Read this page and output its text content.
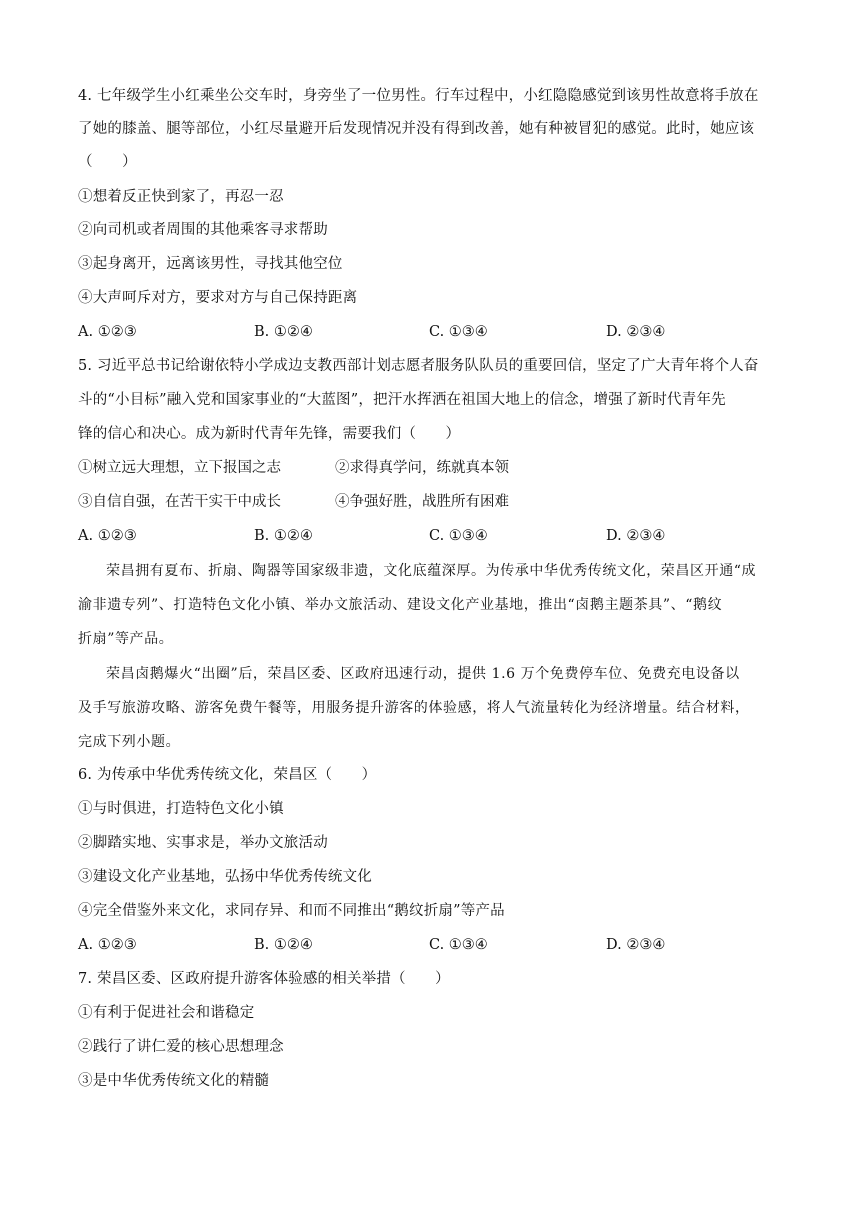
4. 七年级学生小红乘坐公交车时，身旁坐了一位男性。行车过程中，小红隐隐感觉到该男性故意将手放在
了她的膝盖、腿等部位，小红尽量避开后发现情况并没有得到改善，她有种被冒犯的感觉。此时，她应该
（　　）
①想着反正快到家了，再忍一忍
②向司机或者周围的其他乘客寻求帮助
③起身离开，远离该男性，寻找其他空位
④大声呵斥对方，要求对方与自己保持距离
A. ①②③	B. ①②④	C. ①③④	D. ②③④
5. 习近平总书记给谢依特小学成边支教西部计划志愿者服务队队员的重要回信，坚定了广大青年将个人奋
斗的“小目标”融入党和国家事业的“大蓝图”，把汗水挥洒在祖国大地上的信念，增强了新时代青年先
锋的信心和决心。成为新时代青年先锋，需要我们（　　）
①树立远大理想，立下报国之志	②求得真学问，练就真本领
③自信自强，在苦干实干中成长	④争强好胜，战胜所有困难
A. ①②③	B. ①②④	C. ①③④	D. ②③④
荣昌拥有夏布、折扇、陶器等国家级非遗，文化底蕴深厚。为传承中华优秀传统文化，荣昌区开通“成
渝非遗专列”、打造特色文化小镇、举办文旅活动、建设文化产业基地，推出“卤鹅主题茶具”、“鹅纹
折扇”等产品。
荣昌卤鹅爆火“出圈”后，荣昌区委、区政府迅速行动，提供 1.6 万个免费停车位、免费充电设备以
及手写旅游攻略、游客免费午餐等，用服务提升游客的体验感，将人气流量转化为经济增量。结合材料，
完成下列小题。
6. 为传承中华优秀传统文化，荣昌区（　　）
①与时俱进，打造特色文化小镇
②脚踏实地、实事求是，举办文旅活动
③建设文化产业基地，弘扬中华优秀传统文化
④完全借鉴外来文化，求同存异、和而不同推出“鹅纹折扇”等产品
A. ①②③	B. ①②④	C. ①③④	D. ②③④
7. 荣昌区委、区政府提升游客体验感的相关举措（　　）
①有利于促进社会和谐稳定
②践行了讲仁爱的核心思想理念
③是中华优秀传统文化的精髓
